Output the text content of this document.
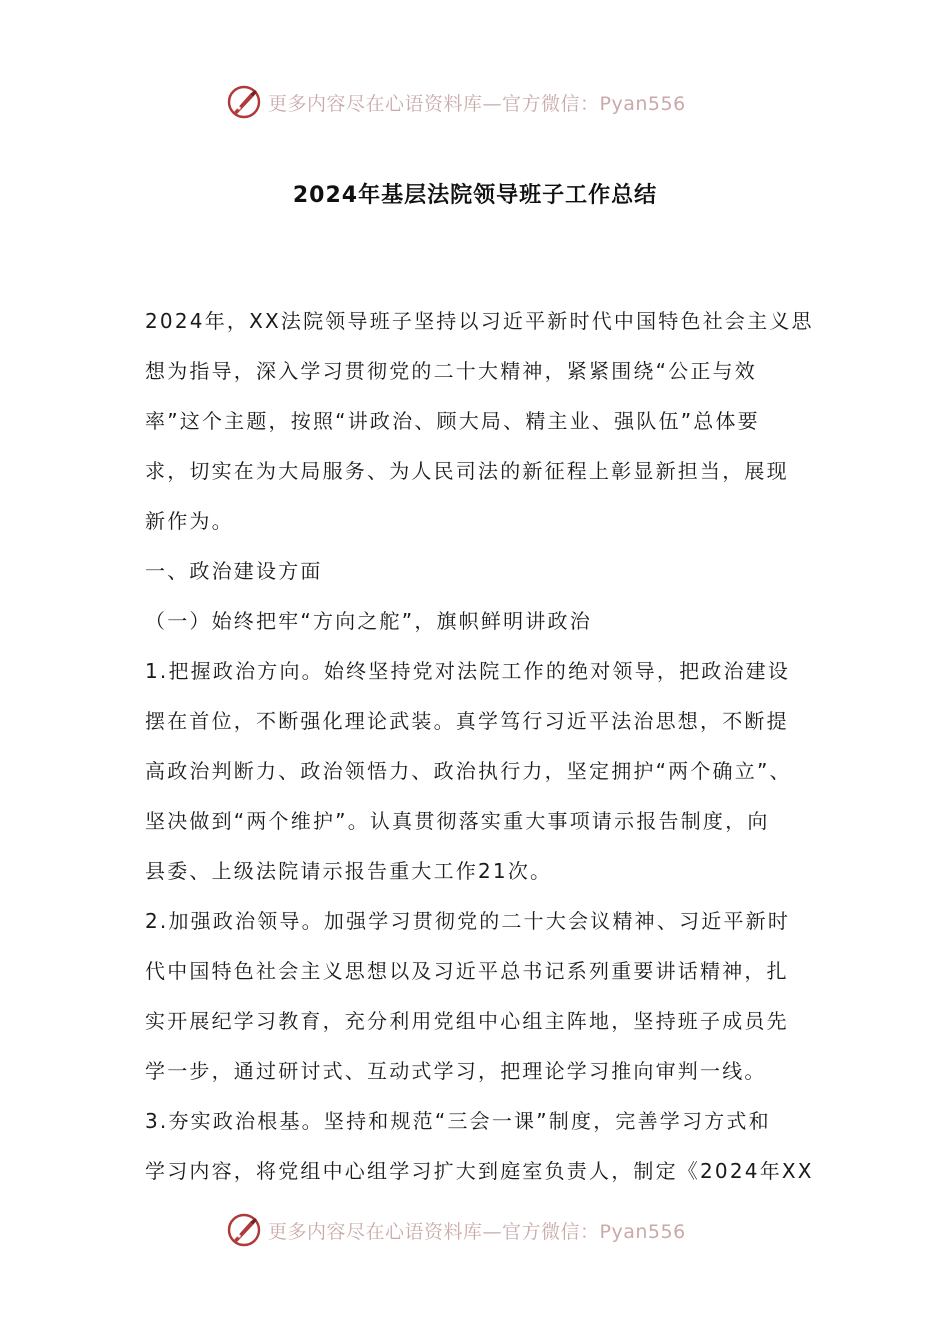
更多内容尽在心语资料库—官方微信：Pyan556
2024年基层法院领导班子工作总结

2024年，XX法院领导班子坚持以习近平新时代中国特色社会主义思
想为指导，深入学习贯彻党的二十大精神，紧紧围绕“公正与效
率”这个主题，按照“讲政治、顾大局、精主业、强队伍”总体要
求，切实在为大局服务、为人民司法的新征程上彰显新担当，展现
新作为。

一、政治建设方面

（一）始终把牢“方向之舵”，旗帜鲜明讲政治

1.把握政治方向。始终坚持党对法院工作的绝对领导，把政治建设
摆在首位，不断强化理论武装。真学笃行习近平法治思想，不断提
高政治判断力、政治领悟力、政治执行力，坚定拥护“两个确立”、
坚决做到“两个维护”。认真贯彻落实重大事项请示报告制度，向
县委、上级法院请示报告重大工作21次。

2.加强政治领导。加强学习贯彻党的二十大会议精神、习近平新时
代中国特色社会主义思想以及习近平总书记系列重要讲话精神，扎
实开展纪学习教育，充分利用党组中心组主阵地，坚持班子成员先
学一步，通过研讨式、互动式学习，把理论学习推向审判一线。

3.夯实政治根基。坚持和规范“三会一课”制度，完善学习方式和
学习内容，将党组中心组学习扩大到庭室负责人，制定《2024年XX

更多内容尽在心语资料库—官方微信：Pyan556
